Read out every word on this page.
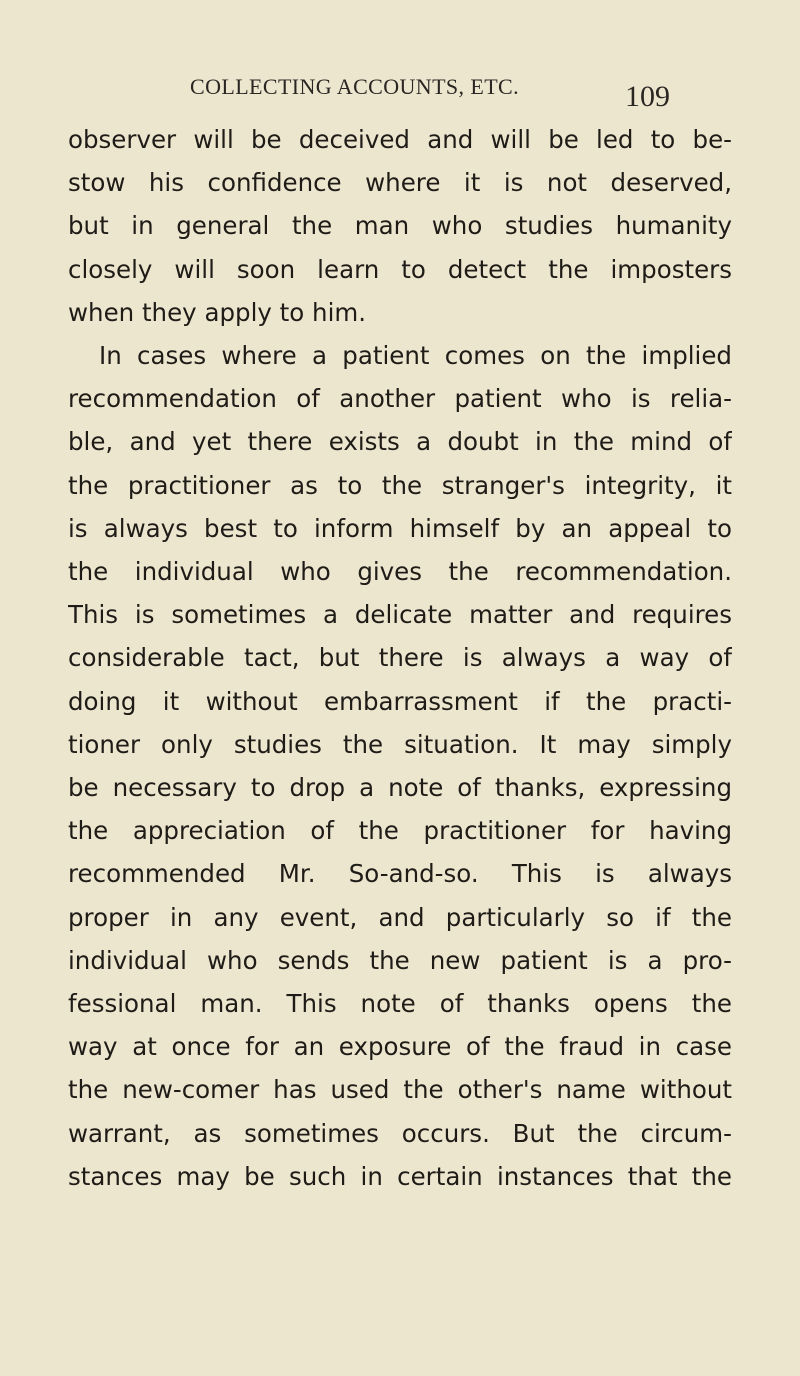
COLLECTING ACCOUNTS, ETC.	109
observer will be deceived and will be led to be-
stow his confidence where it is not deserved,
but in general the man who studies humanity
closely will soon learn to detect the imposters
when they apply to him.
In cases where a patient comes on the implied
recommendation of another patient who is relia-
ble, and yet there exists a doubt in the mind of
the practitioner as to the stranger's integrity, it
is always best to inform himself by an appeal to
the individual who gives the recommendation.
This is sometimes a delicate matter and requires
considerable tact, but there is always a way of
doing it without embarrassment if the practi-
tioner only studies the situation. It may simply
be necessary to drop a note of thanks, expressing
the appreciation of the practitioner for having
recommended Mr. So-and-so. This is always
proper in any event, and particularly so if the
individual who sends the new patient is a pro-
fessional man. This note of thanks opens the
way at once for an exposure of the fraud in case
the new-comer has used the other's name without
warrant, as sometimes occurs. But the circum-
stances may be such in certain instances that the
